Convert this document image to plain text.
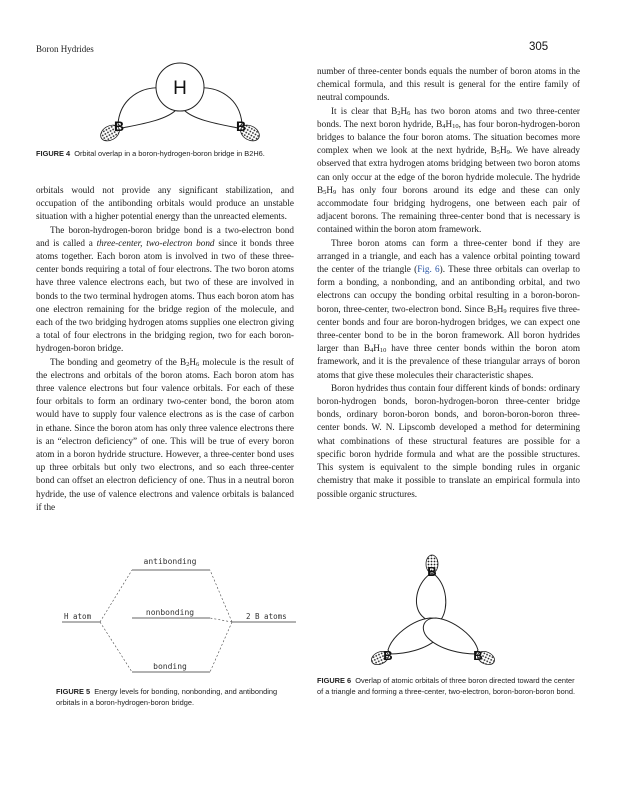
Boron Hydrides	305
H
B	B
FIGURE 4 Orbital overlap in a boron-hydrogen-boron bridge in B2H6.

orbitals would not provide any significant stabilization, and occupation of the antibonding orbitals would produce an unstable situation with a higher potential energy than the unreacted elements.

The boron-hydrogen-boron bridge bond is a two-electron bond and is called a three-center, two-electron bond since it bonds three atoms together. Each boron atom is involved in two of these three-center bonds requiring a total of four electrons. The two boron atoms have three valence electrons each, but two of these are involved in bonds to the two terminal hydrogen atoms. Thus each boron atom has one electron remaining for the bridge region of the molecule, and each of the two bridging hydrogen atoms supplies one electron giving a total of four electrons in the bridging region, two for each boron-hydrogen-boron bridge.

The bonding and geometry of the $B_2H_6$ molecule is the result of the electrons and orbitals of the boron atoms. Each boron atom has three valence electrons but four valence orbitals. For each of these four orbitals to form an ordinary two-center bond, the boron atom would have to supply four valence electrons as is the case of carbon in ethane. Since the boron atom has only three valence electrons there is an “electron deficiency” of one. This will be true of every boron atom in a boron hydride structure. However, a three-center bond uses up three orbitals but only two electrons, and so each three-center bond can offset an electron deficiency of one. Thus in a neutral boron hydride, the use of valence electrons and valence orbitals is balanced if the

number of three-center bonds equals the number of boron atoms in the chemical formula, and this result is general for the entire family of neutral compounds.

It is clear that $B_2H_6$ has two boron atoms and two three-center bonds. The next boron hydride, $B_4H_{10}$, has four boron-hydrogen-boron bridges to balance the four boron atoms. The situation becomes more complex when we look at the next hydride, $B_5H_9$. We have already observed that extra hydrogen atoms bridging between two boron atoms can only occur at the edge of the boron hydride molecule. The hydride $B_5H_9$ has only four borons around its edge and these can only accommodate four bridging hydrogens, one between each pair of adjacent borons. The remaining three-center bond that is necessary is contained within the boron atom framework.

Three boron atoms can form a three-center bond if they are arranged in a triangle, and each has a valence orbital pointing toward the center of the triangle (Fig. 6). These three orbitals can overlap to form a bonding, a nonbonding, and an antibonding orbital, and two electrons can occupy the bonding orbital resulting in a boron-boron-boron, three-center, two-electron bond. Since $B_5H_9$ requires five three-center bonds and four are boron-hydrogen bridges, we can expect one three-center bond to be in the boron framework. All boron hydrides larger than $B_4H_{10}$ have three center bonds within the boron atom framework, and it is the prevalence of these triangular arrays of boron atoms that give these molecules their characteristic shapes.

Boron hydrides thus contain four different kinds of bonds: ordinary boron-hydrogen bonds, boron-hydrogen-boron three-center bridge bonds, ordinary boron-boron bonds, and boron-boron-boron three-center bonds. W. N. Lipscomb developed a method for determining what combinations of these structural features are possible for a specific boron hydride formula and what are the possible structures. This system is equivalent to the simple bonding rules in organic chemistry that make it possible to translate an empirical formula into possible organic structures.

antibonding
nonbonding
bonding
H atom	2 B atoms
FIGURE 5 Energy levels for bonding, nonbonding, and antibonding orbitals in a boron-hydrogen-boron bridge.
B
B	B
FIGURE 6 Overlap of atomic orbitals of three boron directed toward the center of a triangle and forming a three-center, two-electron, boron-boron-boron bond.
